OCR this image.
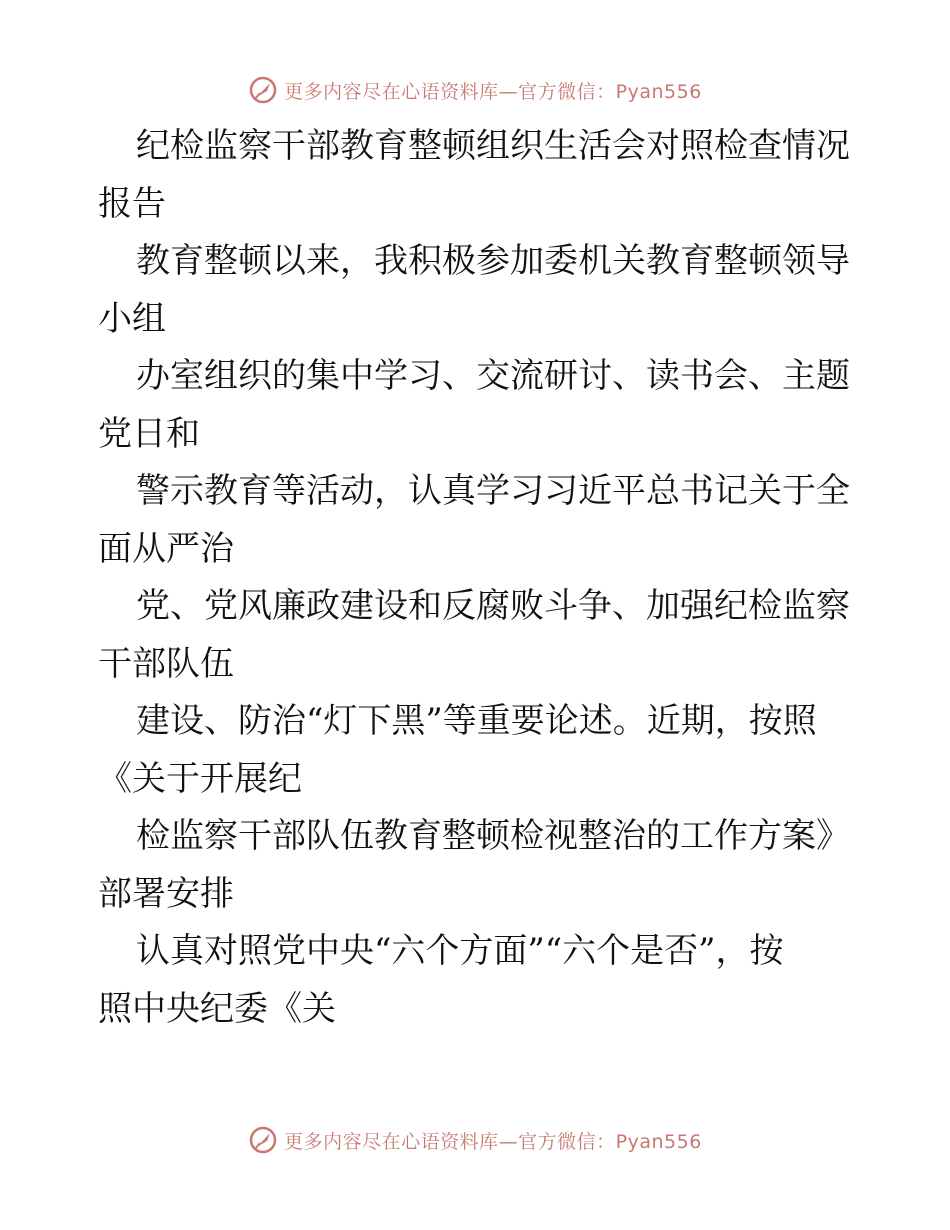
更多内容尽在心语资料库—官方微信：Pyan556
纪检监察干部教育整顿组织生活会对照检查情况
报告
教育整顿以来，我积极参加委机关教育整顿领导
小组
办室组织的集中学习、交流研讨、读书会、主题
党日和
警示教育等活动，认真学习习近平总书记关于全
面从严治
党、党风廉政建设和反腐败斗争、加强纪检监察
干部队伍
建设、防治“灯下黑”等重要论述。近期，按照
《关于开展纪
检监察干部队伍教育整顿检视整治的工作方案》
部署安排
认真对照党中央“六个方面”“六个是否”，按
照中央纪委《关
更多内容尽在心语资料库—官方微信：Pyan556
